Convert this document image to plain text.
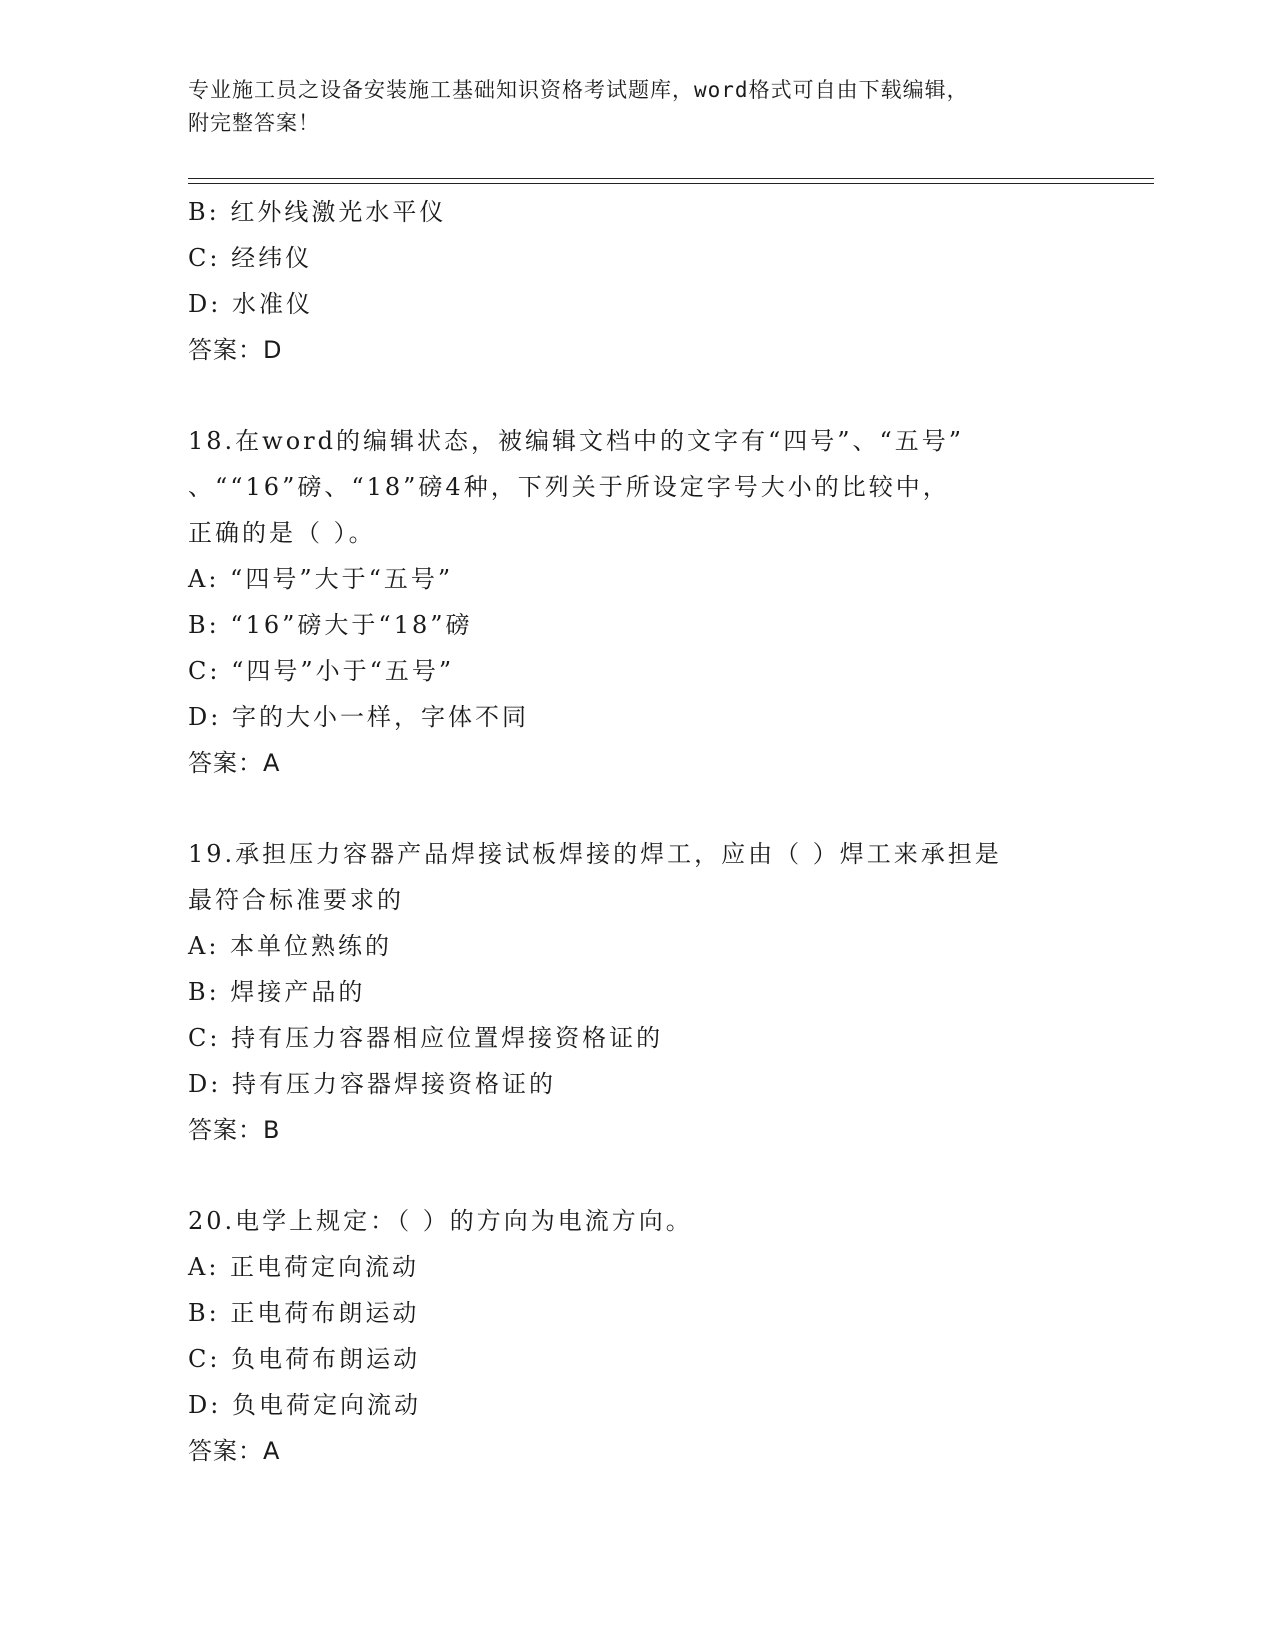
专业施工员之设备安装施工基础知识资格考试题库，word格式可自由下载编辑，
附完整答案！
B: 红外线激光水平仪
C: 经纬仪
D: 水准仪
答案：D
18.在word的编辑状态，被编辑文档中的文字有“四号”、“五号”
、““16”磅、“18”磅4种，下列关于所设定字号大小的比较中，
正确的是（ ）。
A: “四号”大于“五号”
B: “16”磅大于“18”磅
C: “四号”小于“五号”
D: 字的大小一样，字体不同
答案：A
19.承担压力容器产品焊接试板焊接的焊工，应由（ ）焊工来承担是
最符合标准要求的
A: 本单位熟练的
B: 焊接产品的
C: 持有压力容器相应位置焊接资格证的
D: 持有压力容器焊接资格证的
答案：B
20.电学上规定：（ ）的方向为电流方向。
A: 正电荷定向流动
B: 正电荷布朗运动
C: 负电荷布朗运动
D: 负电荷定向流动
答案：A
